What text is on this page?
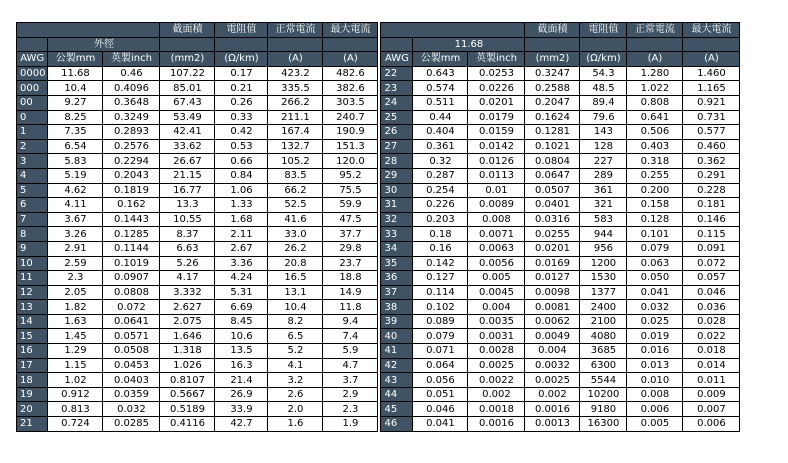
			截面積	電阻值	正常電流	最大電流
	外徑					
AWG	公製mm	英製inch	(mm2)	(Ω/km)	(A)	(A)
0000	11.68	0.46	107.22	0.17	423.2	482.6
000	10.4	0.4096	85.01	0.21	335.5	382.6
00	9.27	0.3648	67.43	0.26	266.2	303.5
0	8.25	0.3249	53.49	0.33	211.1	240.7
1	7.35	0.2893	42.41	0.42	167.4	190.9
2	6.54	0.2576	33.62	0.53	132.7	151.3
3	5.83	0.2294	26.67	0.66	105.2	120.0
4	5.19	0.2043	21.15	0.84	83.5	95.2
5	4.62	0.1819	16.77	1.06	66.2	75.5
6	4.11	0.162	13.3	1.33	52.5	59.9
7	3.67	0.1443	10.55	1.68	41.6	47.5
8	3.26	0.1285	8.37	2.11	33.0	37.7
9	2.91	0.1144	6.63	2.67	26.2	29.8
10	2.59	0.1019	5.26	3.36	20.8	23.7
11	2.3	0.0907	4.17	4.24	16.5	18.8
12	2.05	0.0808	3.332	5.31	13.1	14.9
13	1.82	0.072	2.627	6.69	10.4	11.8
14	1.63	0.0641	2.075	8.45	8.2	9.4
15	1.45	0.0571	1.646	10.6	6.5	7.4
16	1.29	0.0508	1.318	13.5	5.2	5.9
17	1.15	0.0453	1.026	16.3	4.1	4.7
18	1.02	0.0403	0.8107	21.4	3.2	3.7
19	0.912	0.0359	0.5667	26.9	2.6	2.9
20	0.813	0.032	0.5189	33.9	2.0	2.3
21	0.724	0.0285	0.4116	42.7	1.6	1.9
			截面積	電阻值	正常電流	最大電流
	11.68					
AWG	公製mm	英製inch	(mm2)	(Ω/km)	(A)	(A)
22	0.643	0.0253	0.3247	54.3	1.280	1.460
23	0.574	0.0226	0.2588	48.5	1.022	1.165
24	0.511	0.0201	0.2047	89.4	0.808	0.921
25	0.44	0.0179	0.1624	79.6	0.641	0.731
26	0.404	0.0159	0.1281	143	0.506	0.577
27	0.361	0.0142	0.1021	128	0.403	0.460
28	0.32	0.0126	0.0804	227	0.318	0.362
29	0.287	0.0113	0.0647	289	0.255	0.291
30	0.254	0.01	0.0507	361	0.200	0.228
31	0.226	0.0089	0.0401	321	0.158	0.181
32	0.203	0.008	0.0316	583	0.128	0.146
33	0.18	0.0071	0.0255	944	0.101	0.115
34	0.16	0.0063	0.0201	956	0.079	0.091
35	0.142	0.0056	0.0169	1200	0.063	0.072
36	0.127	0.005	0.0127	1530	0.050	0.057
37	0.114	0.0045	0.0098	1377	0.041	0.046
38	0.102	0.004	0.0081	2400	0.032	0.036
39	0.089	0.0035	0.0062	2100	0.025	0.028
40	0.079	0.0031	0.0049	4080	0.019	0.022
41	0.071	0.0028	0.004	3685	0.016	0.018
42	0.064	0.0025	0.0032	6300	0.013	0.014
43	0.056	0.0022	0.0025	5544	0.010	0.011
44	0.051	0.002	0.002	10200	0.008	0.009
45	0.046	0.0018	0.0016	9180	0.006	0.007
46	0.041	0.0016	0.0013	16300	0.005	0.006
